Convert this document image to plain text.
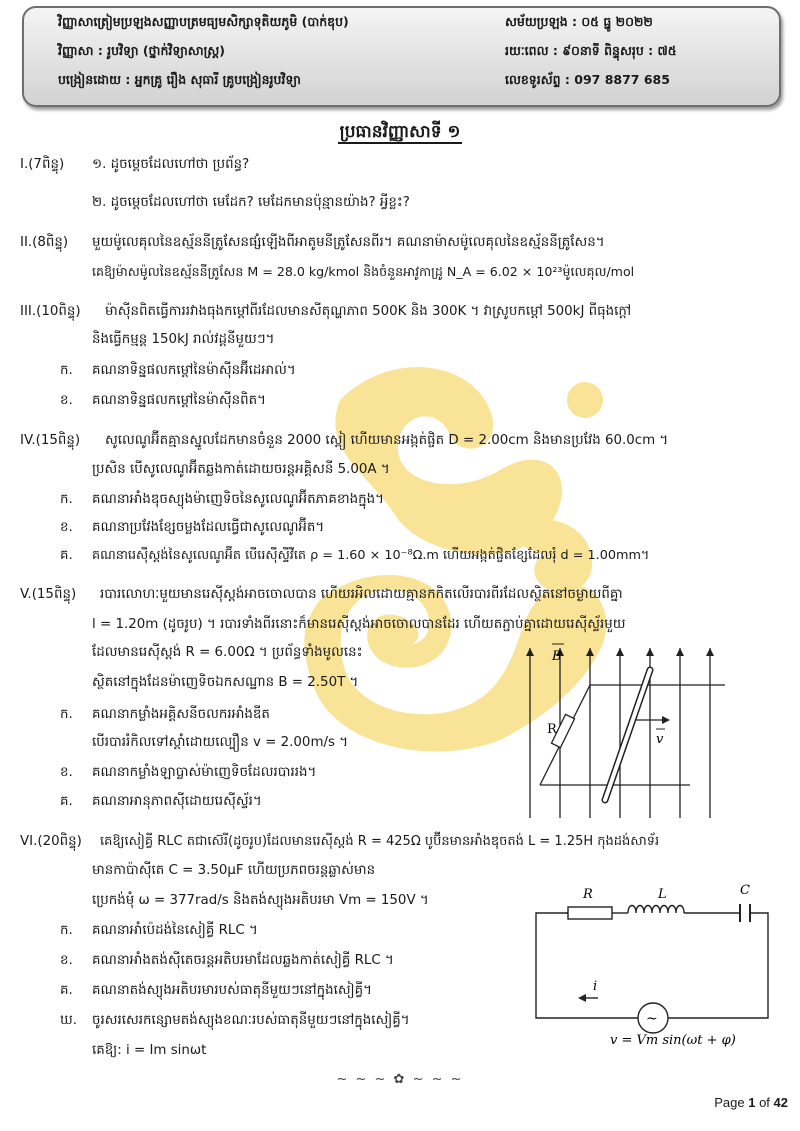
វិញ្ញាសាត្រៀមប្រឡងសញ្ញាបត្រមធ្យមសិក្សាទុតិយភូមិ (បាក់ឌុប)	សម័យប្រឡង : ០៥ ធ្នូ ២០២២
វិញ្ញាសា : រូបវិទ្យា (ថ្នាក់វិទ្យាសាស្ត្រ)	រយៈពេល : ៩០នាទី ពិន្ទុសរុប : ៧៥
បង្រៀនដោយ : អ្នកគ្រូ រឿង សុធារី គ្រូបង្រៀនរូបវិទ្យា	លេខទូរស័ព្ទ : 097 8877 685
ប្រធានវិញ្ញាសាទី ១
I.(7ពិន្ទុ) ១. ដូចម្តេចដែលហៅថា ប្រព័ន្ធ?
២. ដូចម្តេចដែលហៅថា មេដែក? មេដែកមានប៉ុន្មានយ៉ាង? អ្វីខ្លះ?
II.(8ពិន្ទុ) មួយម៉ូលេគុលនៃឧស្ម័ននីត្រូសែនផ្សំឡើងពីអាតូមនីត្រូសែនពីរ។ គណនាម៉ាសម៉ូលេគុលនៃឧស្ម័ននីត្រូសែន។
គេឱ្យម៉ាសម៉ូលនៃឧស្ម័ននីត្រូសែន M = 28.0 kg/kmol និងចំនួនអាវូកាដ្រូ N_A = 6.02 × 10²³ម៉ូលេគុល/mol
III.(10ពិន្ទុ) ម៉ាស៊ីនពិតធ្វើការរវាងធុងកម្តៅពីរដែលមានសីតុណ្ហភាព 500K និង 300K ។ វាស្រូបកម្តៅ 500kJ ពីធុងក្តៅ
និងធ្វើកម្មន្ត 150kJ រាល់វដ្តនីមួយៗ។
ក. គណនាទិន្នផលកម្តៅនៃម៉ាស៊ីនអ៊ីដេអាល់។
ខ. គណនាទិន្នផលកម្តៅនៃម៉ាស៊ីនពិត។
IV.(15ពិន្ទុ) សូលេណូអ៊ីតគ្មានស្នូលដែកមានចំនួន 2000 ស្ពៀ ហើយមានអង្កត់ផ្ចិត D = 2.00cm និងមានប្រវែង 60.0cm ។
ប្រសិន បើសូលេណូអ៊ីតឆ្លងកាត់ដោយចរន្តអគ្គិសនី 5.00A ។
ក. គណនាអាំងឌុចស្យុងម៉ាញេទិចនៃសូលេណូអ៊ីតភាគខាងក្នុង។
ខ. គណនាប្រវែងខ្សែចម្លងដែលធ្វើជាសូលេណូអ៊ីត។
គ. គណនារេស៊ីស្តង់នៃសូលេណូអ៊ីត បើរេស៊ីស្ទីវីតេ ρ = 1.60 × 10⁻⁸Ω.m ហើយអង្កត់ផ្ចិតខ្សែដែលរុំ d = 1.00mm។
V.(15ពិន្ទុ) របារលោហៈមួយមានរេស៊ីស្តង់អាចចោលបាន ហើយរអិលដោយគ្មានកកិតលើរបារពីរដែលស្ថិតនៅចម្ងាយពីគ្នា
l = 1.20m (ដូចរូប) ។ របារទាំងពីរនោះក៏មានរេស៊ីស្តង់អាចចោលបានដែរ ហើយតភ្ជាប់គ្នាដោយរេស៊ីស្ទ័រមួយ
ដែលមានរេស៊ីស្តង់ R = 6.00Ω ។ ប្រព័ន្ធទាំងមូលនេះ
ស្ថិតនៅក្នុងដែនម៉ាញេទិចឯកសណ្ឋាន B = 2.50T ។
ក. គណនាកម្លាំងអគ្គិសនីចលករអាំងឌីត
បើរបាររំកិលទៅស្តាំដោយល្បឿន v = 2.00m/s ។
ខ. គណនាកម្លាំងឡាប្លាស់ម៉ាញេទិចដែលរបាររង។
គ. គណនាអានុភាពស៊ីដោយរេស៊ីស្ទ័រ។
B
R
v
VI.(20ពិន្ទុ) គេឱ្យសៀគ្វី RLC តជាស៊េរី(ដូចរូប)ដែលមានរេស៊ីស្តង់ R = 425Ω បូប៊ីនមានអាំងឌុចតង់ L = 1.25H កុងដង់សាទ័រ
មានកាប៉ាស៊ីតេ C = 3.50μF ហើយប្រភពចរន្តឆ្លាស់មាន
ប្រេកង់មុំ ω = 377rad/s និងតង់ស្យុងអតិបរមា Vm = 150V ។
ក. គណនាអាំប៉េដង់នៃសៀគ្វី RLC ។
ខ. គណនាអាំងតង់ស៊ីតេចរន្តអតិបរមាដែលឆ្លងកាត់សៀគ្វី RLC ។
គ. គណនាតង់ស្យុងអតិបរមារបស់ធាតុនីមួយៗនៅក្នុងសៀគ្វី។
ឃ. ចូរសរសេរកន្សោមតង់ស្យុងខណៈរបស់ធាតុនីមួយៗនៅក្នុងសៀគ្វី។
គេឱ្យ: i = Im sinωt
R	L	C
i
~
v = Vm sin(ωt + φ)
~ ~ ~ ✿ ~ ~ ~
Page 1 of 42
